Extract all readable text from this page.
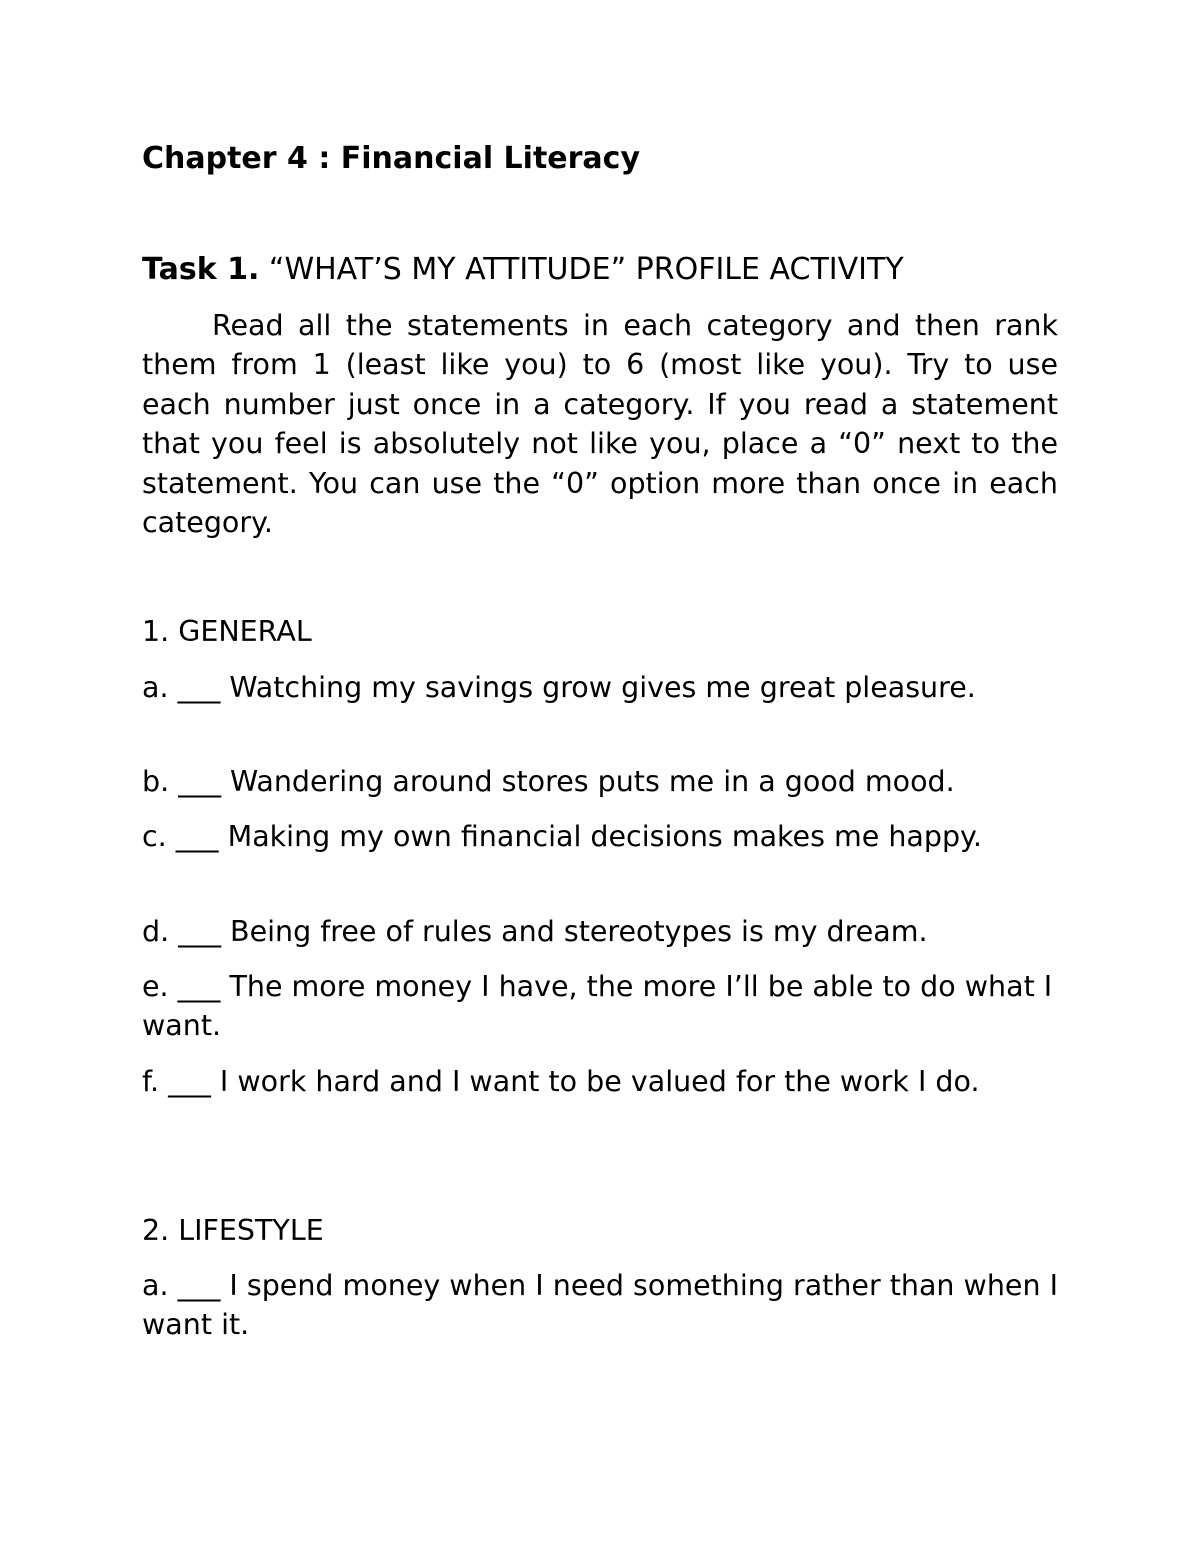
Chapter 4 : Financial Literacy
Task 1. “WHAT’S MY ATTITUDE” PROFILE ACTIVITY

Read all the statements in each category and then rank them from 1 (least like you) to 6 (most like you). Try to use each number just once in a category. If you read a statement that you feel is absolutely not like you, place a “0” next to the statement. You can use the “0” option more than once in each category.

1. GENERAL

a. ___ Watching my savings grow gives me great pleasure.

b. ___ Wandering around stores puts me in a good mood.

c. ___ Making my own financial decisions makes me happy.

d. ___ Being free of rules and stereotypes is my dream.

e. ___ The more money I have, the more I’ll be able to do what I want.

f. ___ I work hard and I want to be valued for the work I do.

2. LIFESTYLE

a. ___ I spend money when I need something rather than when I want it.
